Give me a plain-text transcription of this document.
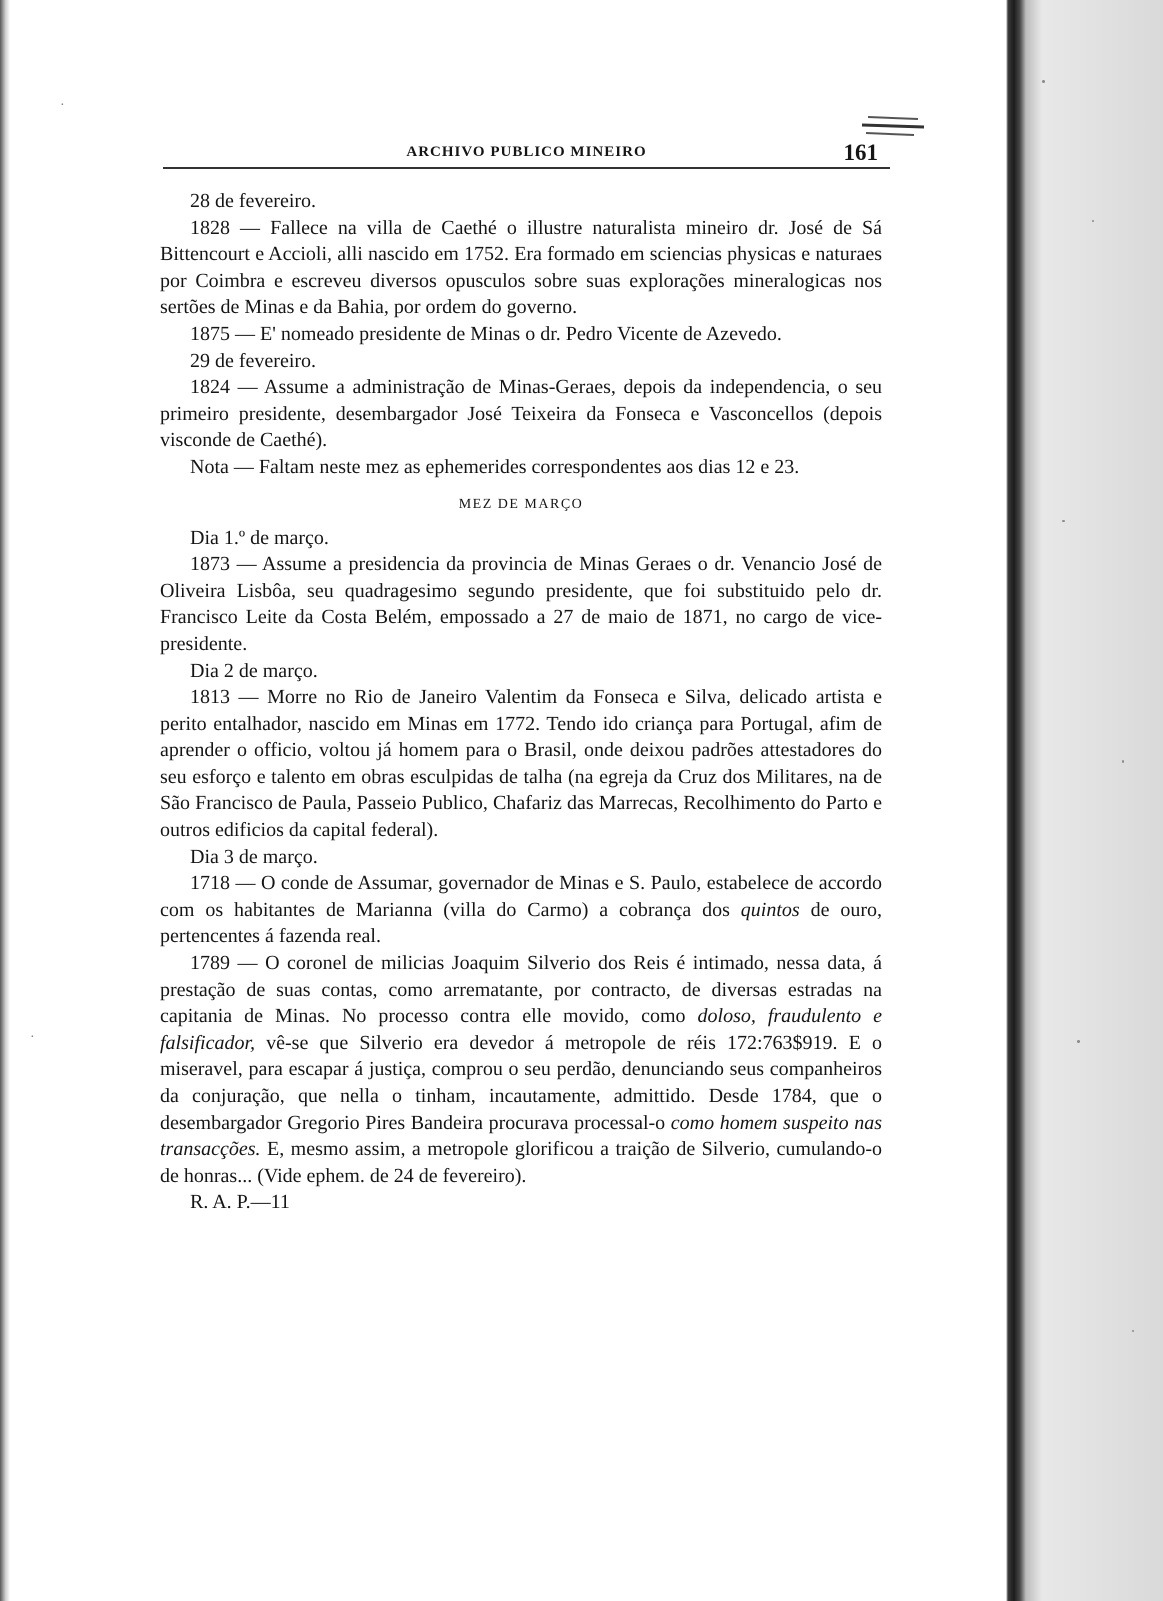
ARCHIVO PUBLICO MINEIRO	161
·
·

28 de fevereiro.

1828 — Fallece na villa de Caethé o illustre naturalista mineiro dr. José de Sá Bittencourt e Accioli, alli nascido em 1752. Era formado em sciencias physicas e naturaes por Coimbra e escreveu diversos opusculos sobre suas explorações mineralogicas nos sertões de Minas e da Bahia, por ordem do governo.

1875 — E' nomeado presidente de Minas o dr. Pedro Vicente de Azevedo.

29 de fevereiro.

1824 — Assume a administração de Minas-Geraes, depois da independencia, o seu primeiro presidente, desembargador José Teixeira da Fonseca e Vasconcellos (depois visconde de Caethé).

Nota — Faltam neste mez as ephemerides correspondentes aos dias 12 e 23.

MEZ DE MARÇO

Dia 1.º de março.

1873 — Assume a presidencia da provincia de Minas Geraes o dr. Venancio José de Oliveira Lisbôa, seu quadragesimo segundo presidente, que foi substituido pelo dr. Francisco Leite da Costa Belém, empossado a 27 de maio de 1871, no cargo de vice-presidente.

Dia 2 de março.

1813 — Morre no Rio de Janeiro Valentim da Fonseca e Silva, delicado artista e perito entalhador, nascido em Minas em 1772. Tendo ido criança para Portugal, afim de aprender o officio, voltou já homem para o Brasil, onde deixou padrões attestadores do seu esforço e talento em obras esculpidas de talha (na egreja da Cruz dos Militares, na de São Francisco de Paula, Passeio Publico, Chafariz das Marrecas, Recolhimento do Parto e outros edificios da capital federal).

Dia 3 de março.

1718 — O conde de Assumar, governador de Minas e S. Paulo, estabelece de accordo com os habitantes de Marianna (villa do Carmo) a cobrança dos quintos de ouro, pertencentes á fazenda real.

1789 — O coronel de milicias Joaquim Silverio dos Reis é intimado, nessa data, á prestação de suas contas, como arrematante, por contracto, de diversas estradas na capitania de Minas. No processo contra elle movido, como doloso, fraudulento e falsificador, vê-se que Silverio era devedor á metropole de réis 172:763$919. E o miseravel, para escapar á justiça, comprou o seu perdão, denunciando seus companheiros da conjuração, que nella o tinham, incautamente, admittido. Desde 1784, que o desembargador Gregorio Pires Bandeira procurava processal-o como homem suspeito nas transacções. E, mesmo assim, a metropole glorificou a traição de Silverio, cumulando-o de honras... (Vide ephem. de 24 de fevereiro).

R. A. P.—11
